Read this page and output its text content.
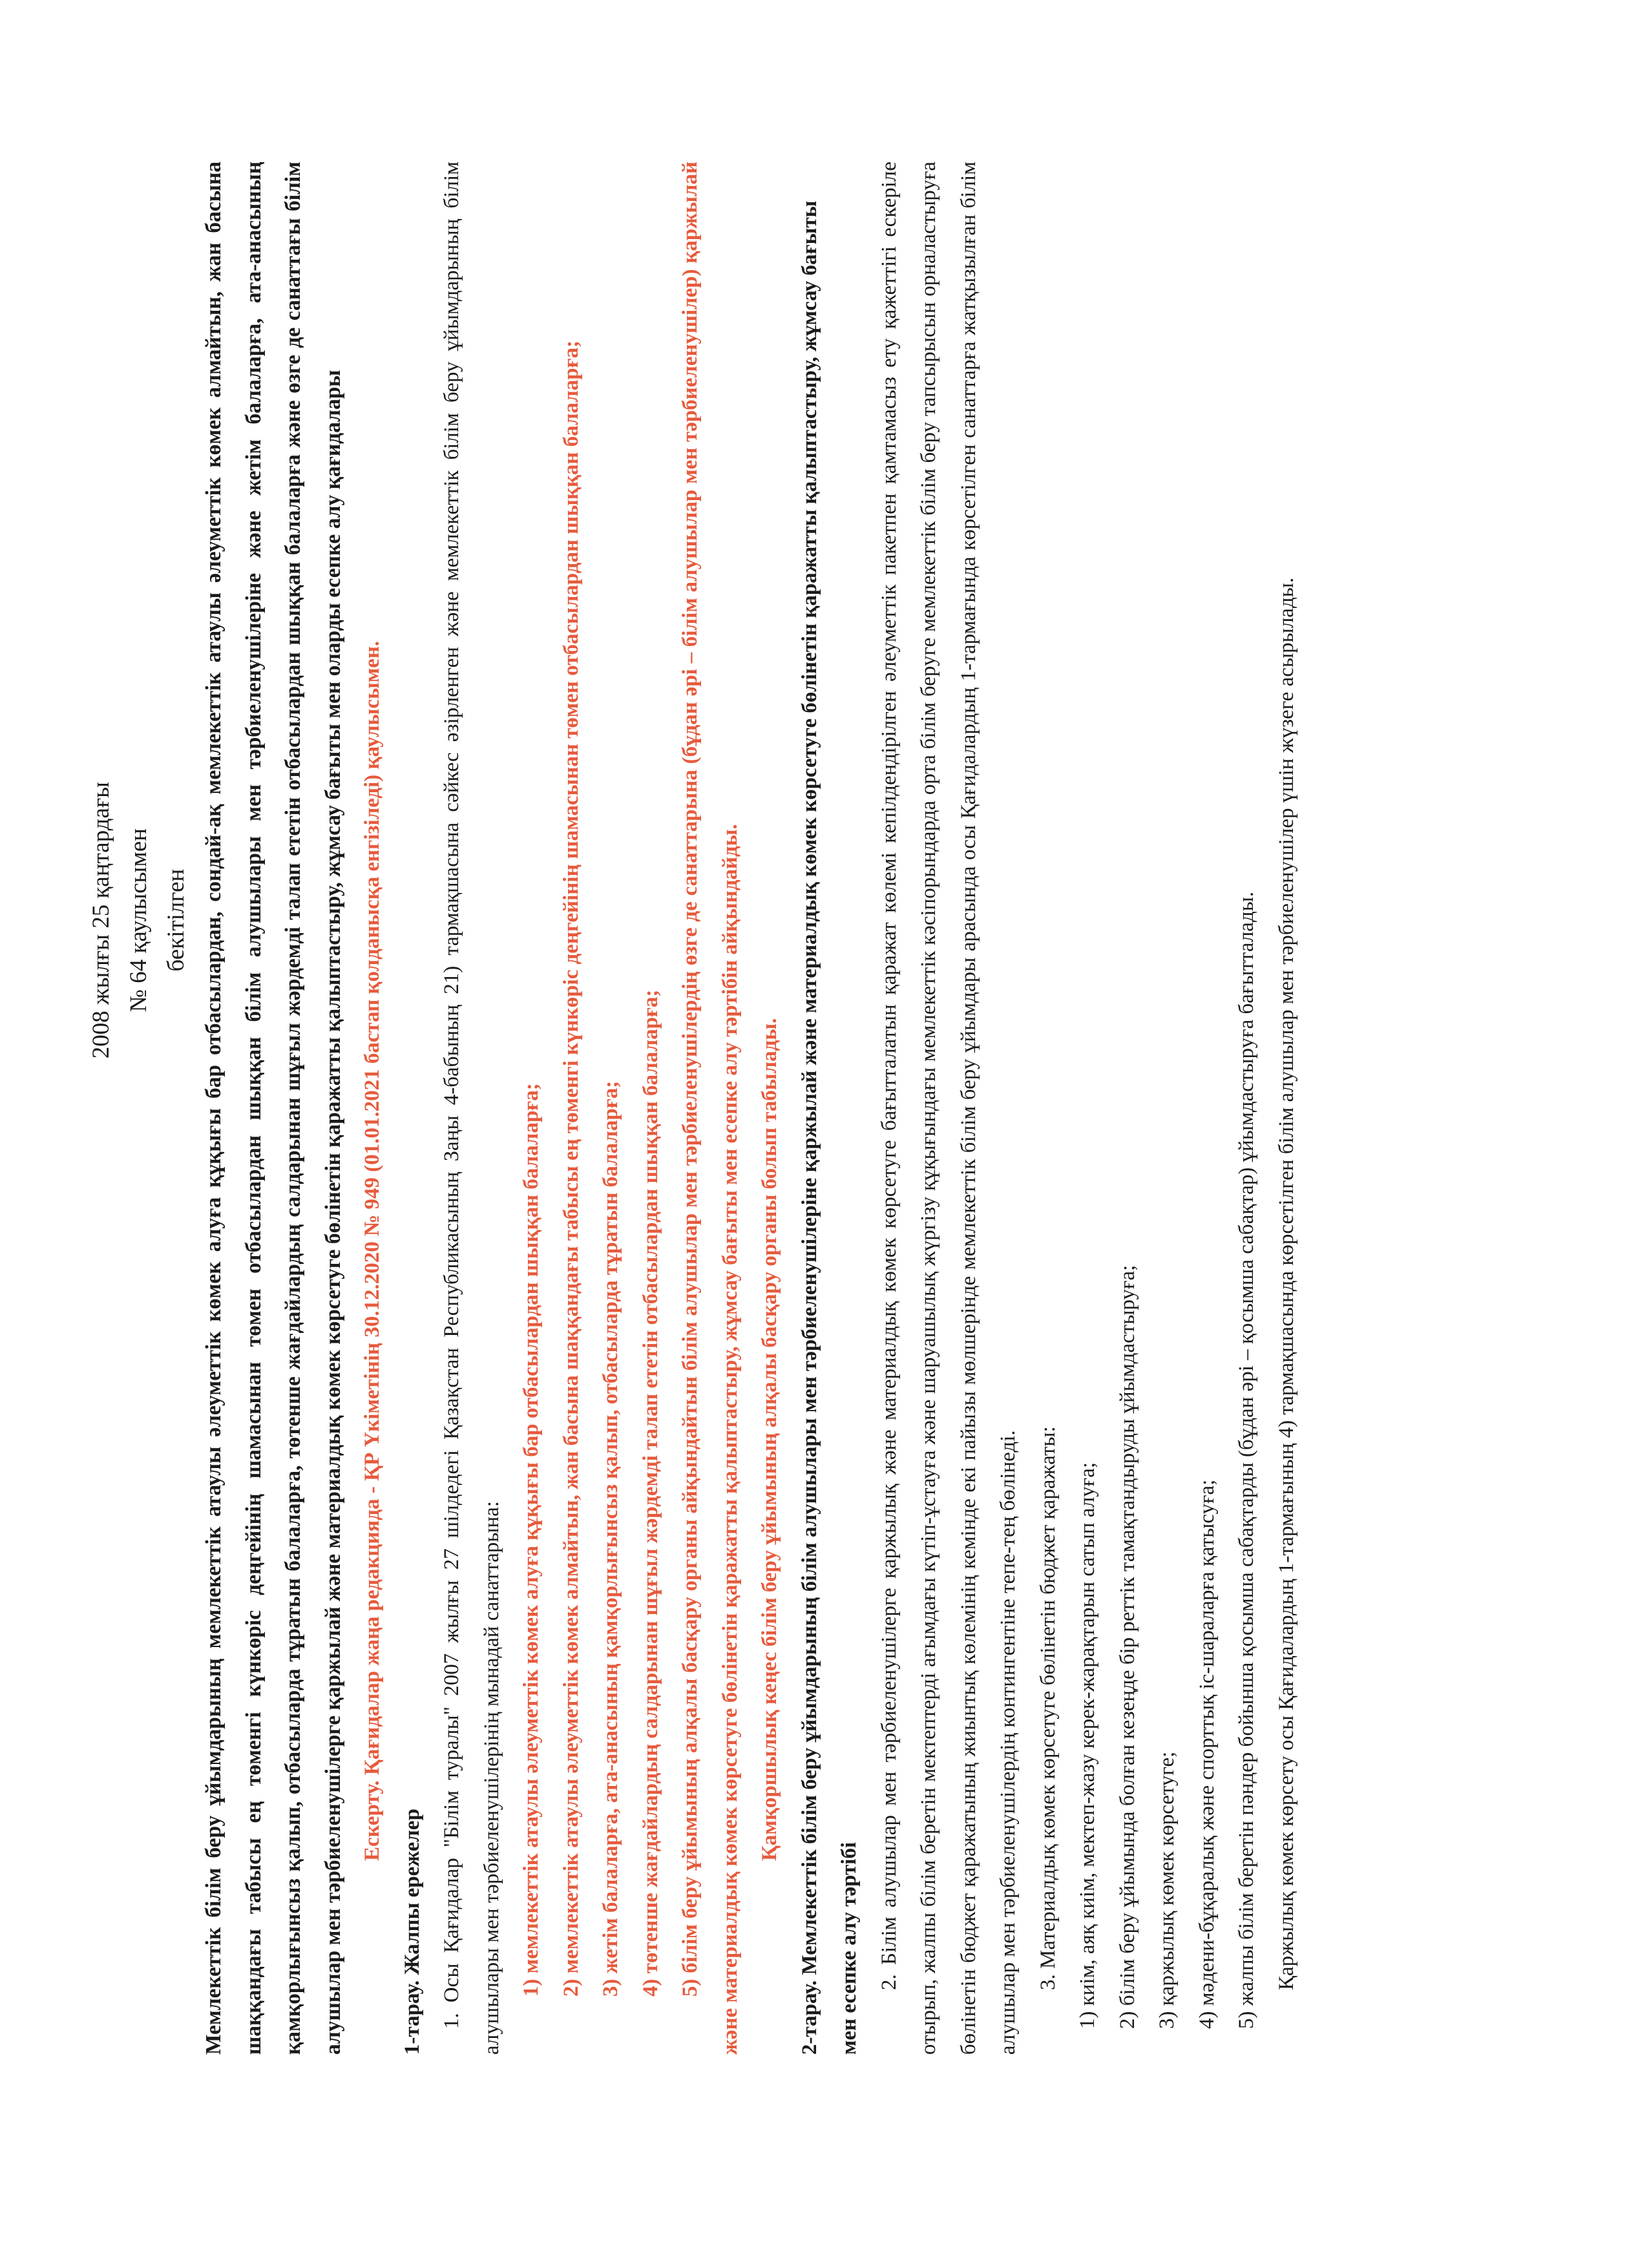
2008 жылғы 25 қаңтардағы № 64 қаулысымен бекітілген Мемлекеттік білім беру ұйымдарының мемлекеттік атаулы әлеуметтік көмек алуға құқығы бар отбасылардан, сондай-ақ мемлекеттік атаулы әлеуметтік көмек алмайтын, жан басына шаққандағы табысы ең төменгі күнкөріс деңгейінің шамасынан төмен отбасылардан шыққан білім алушылары мен тәрбиеленушілеріне және жетім балаларға, ата-анасының қамқорлығынсыз қалып, отбасыларда тұратын балаларға, төтенше жағдайлардың салдарынан шұғыл жәрдемді талап ететін отбасылардан шыққан балаларға және өзге де санаттағы білім алушылар мен тәрбиеленушілерге қаржылай және материалдық көмек көрсетуге бөлінетін қаражатты қалыптастыру, жұмсау бағыты мен оларды есепке алу қағидалары Ескерту. Қағидалар жаңа редакцияда - ҚР Үкіметінің 30.12.2020 № 949 (01.01.2021 бастап қолданысқа енгізіледі) қаулысымен.

1-тарау. Жалпы ережелер 1. Осы Қағидалар "Білім туралы" 2007 жылғы 27 шілдедегі Қазақстан Республикасының Заңы 4-бабының 21) тармақшасына сәйкес әзірленген және мемлекеттік білім беру ұйымдарының білім алушылары мен тәрбиеленушілерінің мынадай санаттарына: 1) мемлекеттік атаулы әлеуметтік көмек алуға құқығы бар отбасылардан шыққан балаларға; 2) мемлекеттік атаулы әлеуметтік көмек алмайтын, жан басына шаққандағы табысы ең төменгі күнкөріс деңгейінің шамасынан төмен отбасылардан шыққан балаларға; 3) жетім балаларға, ата-анасының қамқорлығынсыз қалып, отбасыларда тұратын балаларға; 4) төтенше жағдайлардың салдарынан шұғыл жәрдемді талап ететін отбасылардан шыққан балаларға; 5) білім беру ұйымының алқалы басқару органы айқындайтын білім алушылар мен тәрбиеленушілердің өзге де санаттарына (бұдан әрі – білім алушылар мен тәрбиеленушілер) қаржылай және материалдық көмек көрсетуге бөлінетін қаражатты қалыптастыру, жұмсау бағыты мен есепке алу тәртібін айқындайды. Қамқоршылық кеңес білім беру ұйымының алқалы басқару органы болып табылады.

2-тарау. Мемлекеттік білім беру ұйымдарының білім алушылары мен тәрбиеленушілеріне қаржылай және материалдық көмек көрсетуге бөлінетін қаражатты қалыптастыру, жұмсау бағыты мен есепке алу тәртібі 2. Білім алушылар мен тәрбиеленушілерге қаржылық және материалдық көмек көрсетуге бағытталатын қаражат көлемі кепілдендірілген әлеуметтік пакетпен қамтамасыз ету қажеттігі ескеріле отырып, жалпы білім беретін мектептерді ағымдағы күтіп-ұстауға және шаруашылық жүргізу құқығындағы мемлекеттік кәсіпорындарда орта білім беруге мемлекеттік білім беру тапсырысын орналастыруға бөлінетін бюджет қаражатының жиынтық көлемінің кемінде екі пайызы мөлшерінде мемлекеттік білім беру ұйымдары арасында осы Қағидалардың 1-тармағында көрсетілген санаттарға жатқызылған білім алушылар мен тәрбиеленушілердің контингентіне тепе-тең бөлінеді. 3. Материалдық көмек көрсетуге бөлінетін бюджет қаражаты: 1) киім, аяқ киім, мектеп-жазу керек-жарақтарын сатып алуға; 2) білім беру ұйымында болған кезеңде бір реттік тамақтандыруды ұйымдастыруға; 3) қаржылық көмек көрсетуге; 4) мәдени-бұқаралық және спорттық іс-шараларға қатысуға; 5) жалпы білім беретін пәндер бойынша қосымша сабақтарды (бұдан әрі – қосымша сабақтар) ұйымдастыруға бағытталады. Қаржылық көмек көрсету осы Қағидалардың 1-тармағының 4) тармақшасында көрсетілген білім алушылар мен тәрбиеленушілер үшін жүзеге асырылады.
